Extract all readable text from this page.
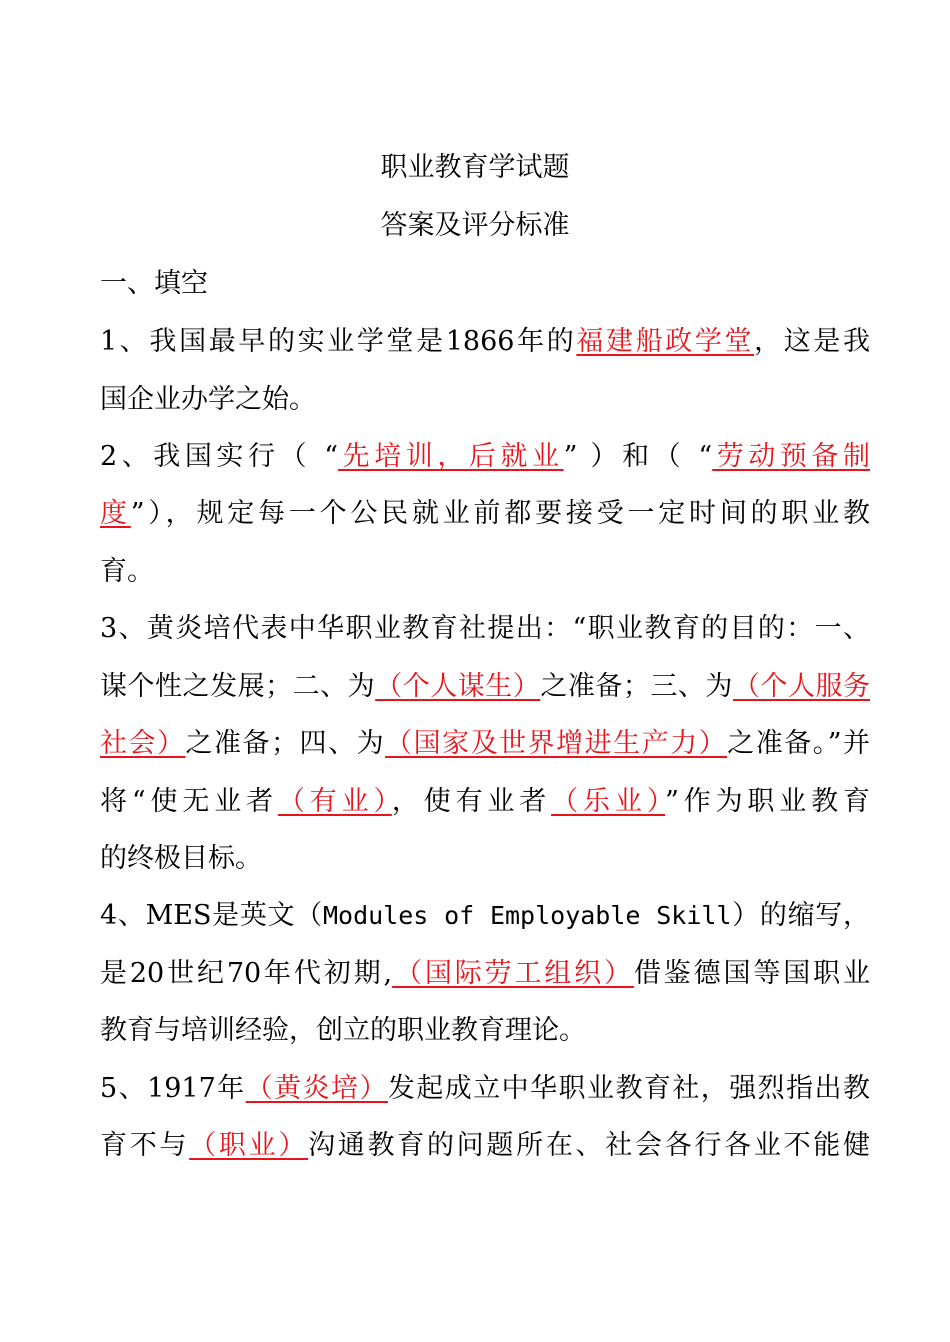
职业教育学试题
答案及评分标准
一、填空
1、我国最早的实业学堂是1866年的福建船政学堂，这是我
国企业办学之始。
2、我国实行（ “先培训，后就业” ）和（ “劳动预备制
度”），规定每一个公民就业前都要接受一定时间的职业教
育。
3、黄炎培代表中华职业教育社提出：“职业教育的目的：一、
谋个性之发展；二、为（个人谋生）之准备；三、为（个人服务
社会）之准备；四、为（国家及世界增进生产力）之准备。”并
将“使无业者（有业），使有业者（乐业）”作为职业教育
的终极目标。
4、MES是英文（Modules of Employable Skill）的缩写，
是20世纪70年代初期,（国际劳工组织）借鉴德国等国职业
教育与培训经验，创立的职业教育理论。
5、1917年（黄炎培）发起成立中华职业教育社，强烈指出教
育不与（职业）沟通教育的问题所在、社会各行各业不能健
